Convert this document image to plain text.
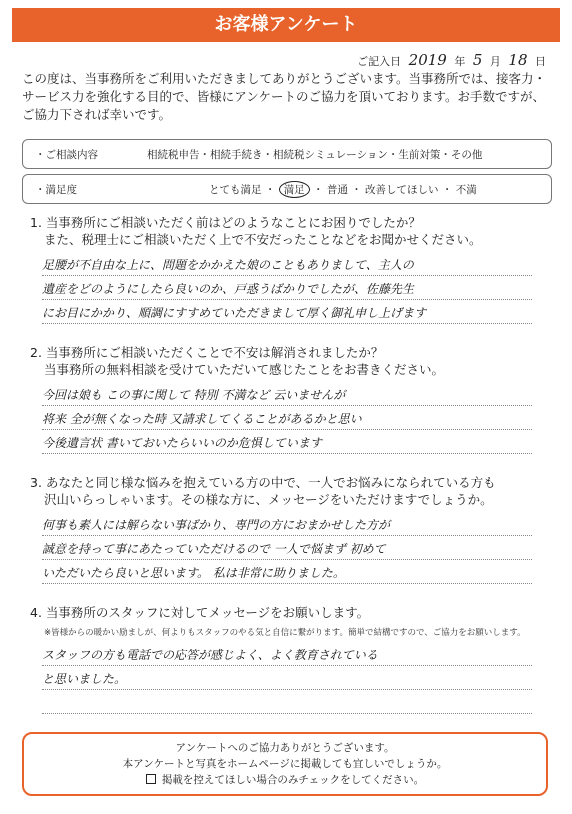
お客様アンケート
ご記入日 2019 年 5 月 18 日
この度は、当事務所をご利用いただきましてありがとうございます。当事務所では、接客力・サービス力を強化する目的で、皆様にアンケートのご協力を頂いております。お手数ですが、ご協力下されば幸いです。
・ご相談内容	相続税申告・相続手続き・相続税シミュレーション・生前対策・その他
・満足度	とても満足 ・ 満足 ・ 普通 ・ 改善してほしい ・ 不満
1. 当事務所にご相談いただく前はどのようなことにお困りでしたか？
また、税理士にご相談いただく上で不安だったことなどをお聞かせください。
足腰が不自由な上に、問題をかかえた娘のこともありまして、主人の
遺産をどのようにしたら良いのか、戸惑うばかりでしたが、佐藤先生
にお目にかかり、順調にすすめていただきまして厚く御礼申し上げます
2. 当事務所にご相談いただくことで不安は解消されましたか？
当事務所の無料相談を受けていただいて感じたことをお書きください。
今回は娘も この事に関して 特別 不満など 云いませんが
将来 全が無くなった時 又請求してくることがあるかと思い
今後遺言状 書いておいたらいいのか危惧しています
3. あなたと同じ様な悩みを抱えている方の中で、一人でお悩みになられている方も
沢山いらっしゃいます。その様な方に、メッセージをいただけますでしょうか。
何事も素人には解らない事ばかり、専門の方におまかせした方が
誠意を持って事にあたっていただけるので 一人で悩まず 初めて
いただいたら良いと思います。 私は非常に助りました。
4. 当事務所のスタッフに対してメッセージをお願いします。
※皆様からの暖かい励ましが、何よりもスタッフのやる気と自信に繋がります。簡単で結構ですので、ご協力をお願いします。
スタッフの方も電話での応答が感じよく、よく教育されている
と思いました。
アンケートへのご協力ありがとうございます。
本アンケートと写真をホームページに掲載しても宜しいでしょうか。
掲載を控えてほしい場合のみチェックをしてください。
